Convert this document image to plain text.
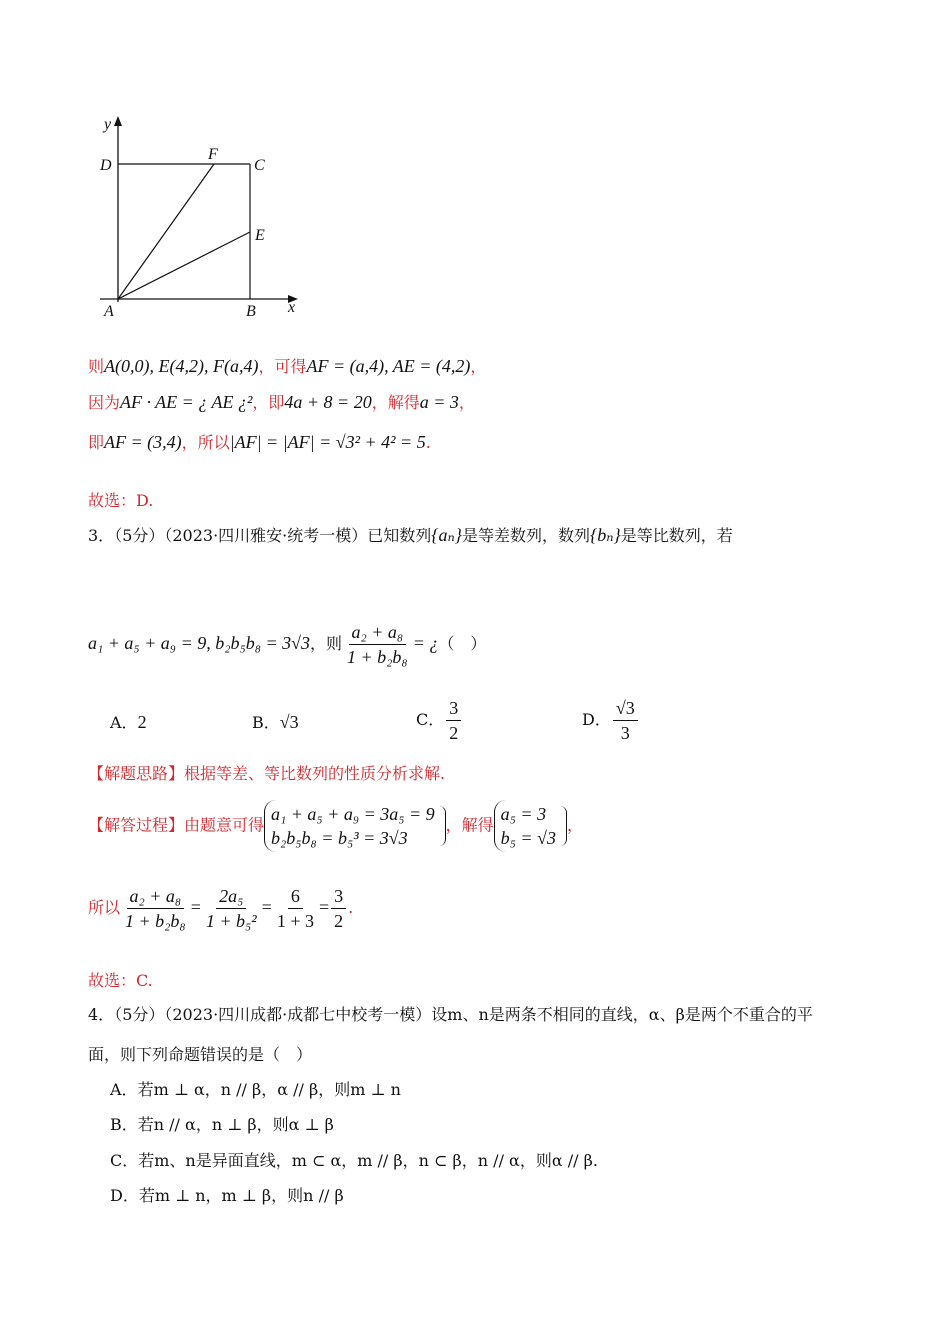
y
D
F
C
E
A	B x
则A(0,0), E(4,2), F(a,4)，可得AF = (a,4), AE = (4,2)，
因为AF · AE = ¿ AE ¿²，即4a + 8 = 20，解得a = 3，
即AF = (3,4)，所以|AF| = |AF| = √3² + 4² = 5.
故选：D.
3．（5分）（2023·四川雅安·统考一模）已知数列{aₙ}是等差数列，数列{bₙ}是等比数列，若
a₁ + a₅ + a₉ = 9, b₂b₅b₈ = 3√3，则 $\frac{\text{a₂ + a₈}}{\text{1 + b₂b₈}}$ = ¿（　）
A．2	B．√3	C． $\frac{3}{2}$	D． $\frac{√3}{3}$
【解题思路】根据等差、等比数列的性质分析求解.
【解答过程】由题意可得
a₁ + a₅ + a₉ = 3a₅ = 9
b₂b₅b₈ = b₅³ = 3√3
，解得
a₅ = 3
b₅ = √3
，
所以 $\frac{\text{a₂ + a₈}}{\text{1 + b₂b₈}} = \frac{\text{2a₅}}{\text{1 + b₅²}} = \frac{6}{1 + 3} = \frac{3}{2}$ .
故选：C.
4．（5分）（2023·四川成都·成都七中校考一模）设m、n是两条不相同的直线，α、β是两个不重合的平
面，则下列命题错误的是（　）
A．若m ⊥ α，n // β，α // β，则m ⊥ n
B．若n // α，n ⊥ β，则α ⊥ β
C．若m、n是异面直线，m ⊂ α，m // β，n ⊂ β，n // α，则α // β.
D．若m ⊥ n，m ⊥ β，则n // β
